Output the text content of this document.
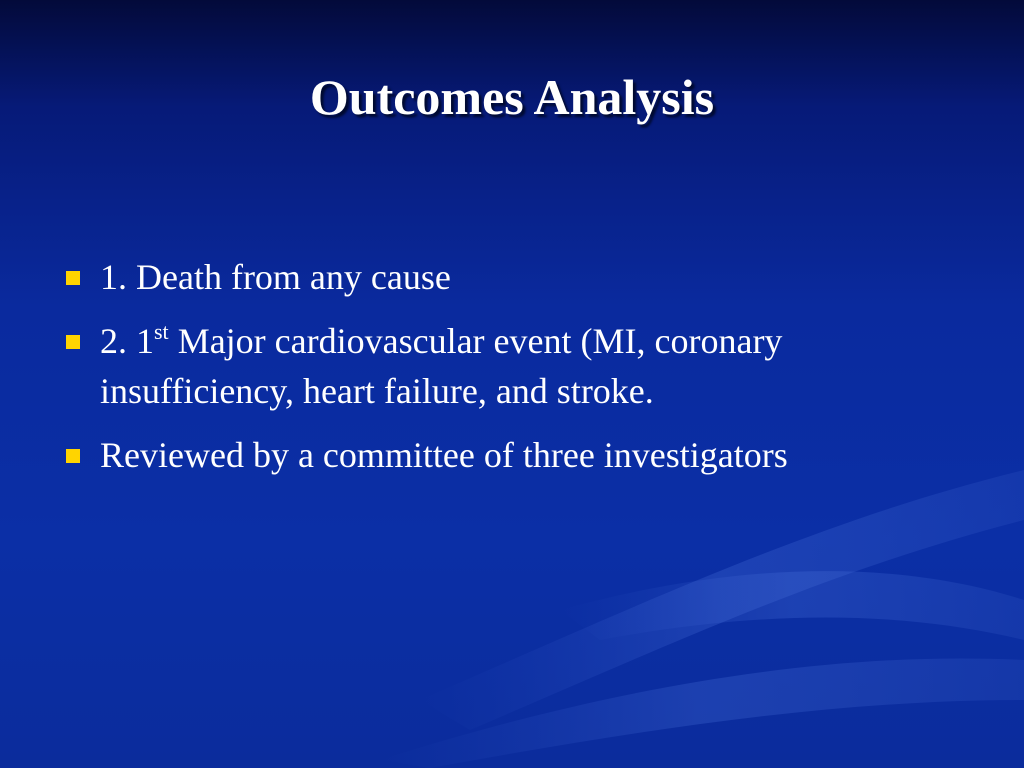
Outcomes Analysis
1. Death from any cause
2. 1st Major cardiovascular event (MI, coronary insufficiency, heart failure, and stroke.
Reviewed by a committee of three investigators
